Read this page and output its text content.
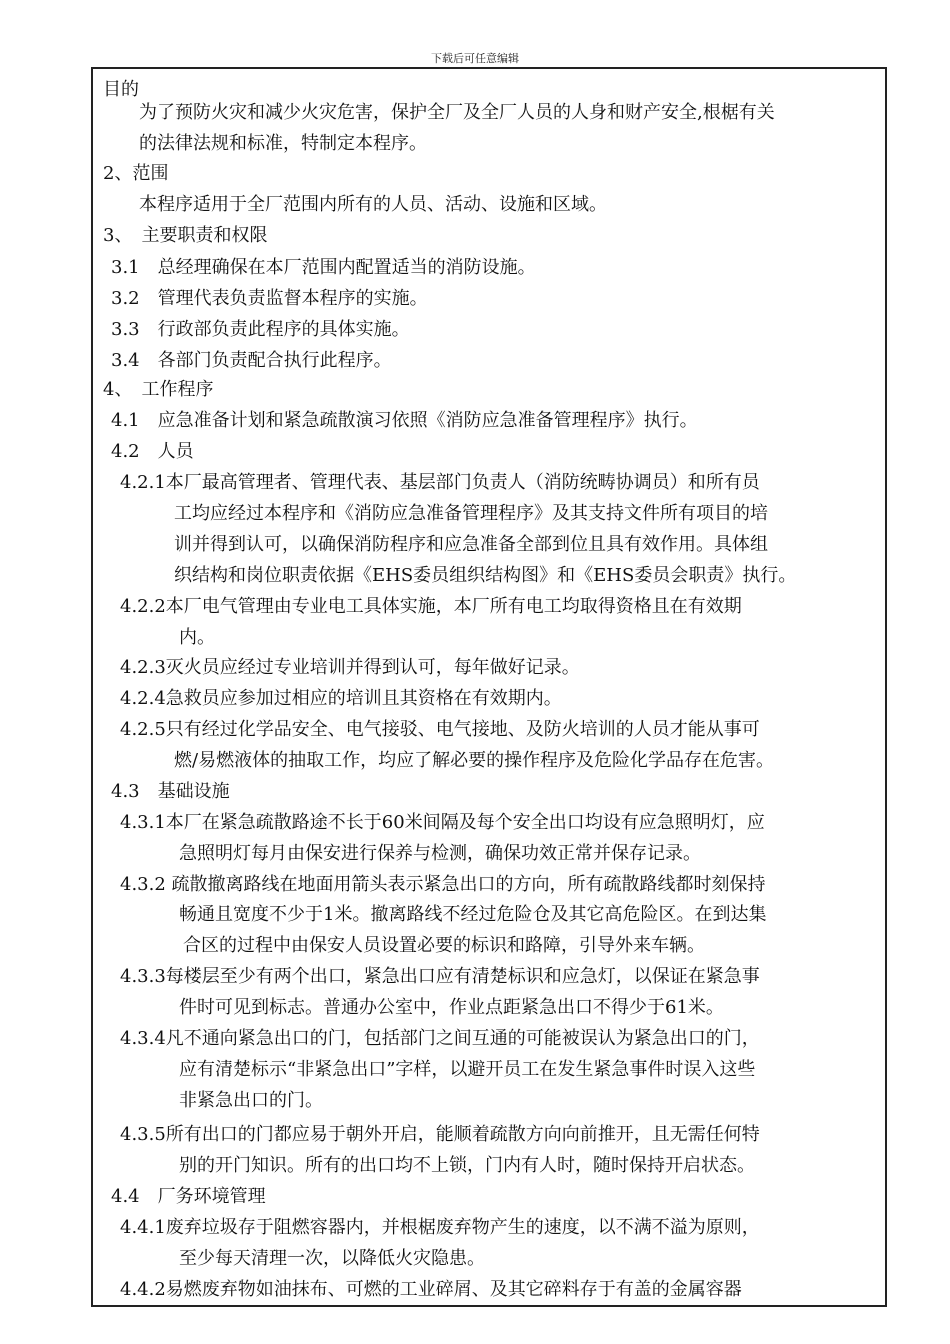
下载后可任意编辑
目的
为了预防火灾和减少火灾危害，保护全厂及全厂人员的人身和财产安全,根椐有关
的法律法规和标准，特制定本程序。
2、范围
本程序适用于全厂范围内所有的人员、活动、设施和区域。
3、　主要职责和权限
3.1　总经理确保在本厂范围内配置适当的消防设施。
3.2　管理代表负责监督本程序的实施。
3.3　行政部负责此程序的具体实施。
3.4　各部门负责配合执行此程序。
4、　工作程序
4.1　应急准备计划和紧急疏散演习依照《消防应急准备管理程序》执行。
4.2　人员
4.2.1本厂最高管理者、管理代表、基层部门负责人（消防统畴协调员）和所有员
工均应经过本程序和《消防应急准备管理程序》及其支持文件所有项目的培
训并得到认可，以确保消防程序和应急准备全部到位且具有效作用。具体组
织结构和岗位职责依据《EHS委员组织结构图》和《EHS委员会职责》执行。
4.2.2本厂电气管理由专业电工具体实施，本厂所有电工均取得资格且在有效期
内。
4.2.3灭火员应经过专业培训并得到认可，每年做好记录。
4.2.4急救员应参加过相应的培训且其资格在有效期内。
4.2.5只有经过化学品安全、电气接驳、电气接地、及防火培训的人员才能从事可
燃/易燃液体的抽取工作，均应了解必要的操作程序及危险化学品存在危害。
4.3　基础设施
4.3.1本厂在紧急疏散路途不长于60米间隔及每个安全出口均设有应急照明灯，应
急照明灯每月由保安进行保养与检测，确保功效正常并保存记录。
4.3.2 疏散撤离路线在地面用箭头表示紧急出口的方向，所有疏散路线都时刻保持
畅通且宽度不少于1米。撤离路线不经过危险仓及其它高危险区。在到达集
合区的过程中由保安人员设置必要的标识和路障，引导外来车辆。
4.3.3每楼层至少有两个出口，紧急出口应有清楚标识和应急灯，以保证在紧急事
件时可见到标志。普通办公室中，作业点距紧急出口不得少于61米。
4.3.4凡不通向紧急出口的门，包括部门之间互通的可能被误认为紧急出口的门，
应有清楚标示“非紧急出口”字样，以避开员工在发生紧急事件时误入这些
非紧急出口的门。
4.3.5所有出口的门都应易于朝外开启，能顺着疏散方向向前推开，且无需任何特
别的开门知识。所有的出口均不上锁，门内有人时，随时保持开启状态。
4.4　厂务环境管理
4.4.1废弃垃圾存于阻燃容器内，并根椐废弃物产生的速度，以不满不溢为原则，
至少每天清理一次，以降低火灾隐患。
4.4.2易燃废弃物如油抹布、可燃的工业碎屑、及其它碎料存于有盖的金属容器
